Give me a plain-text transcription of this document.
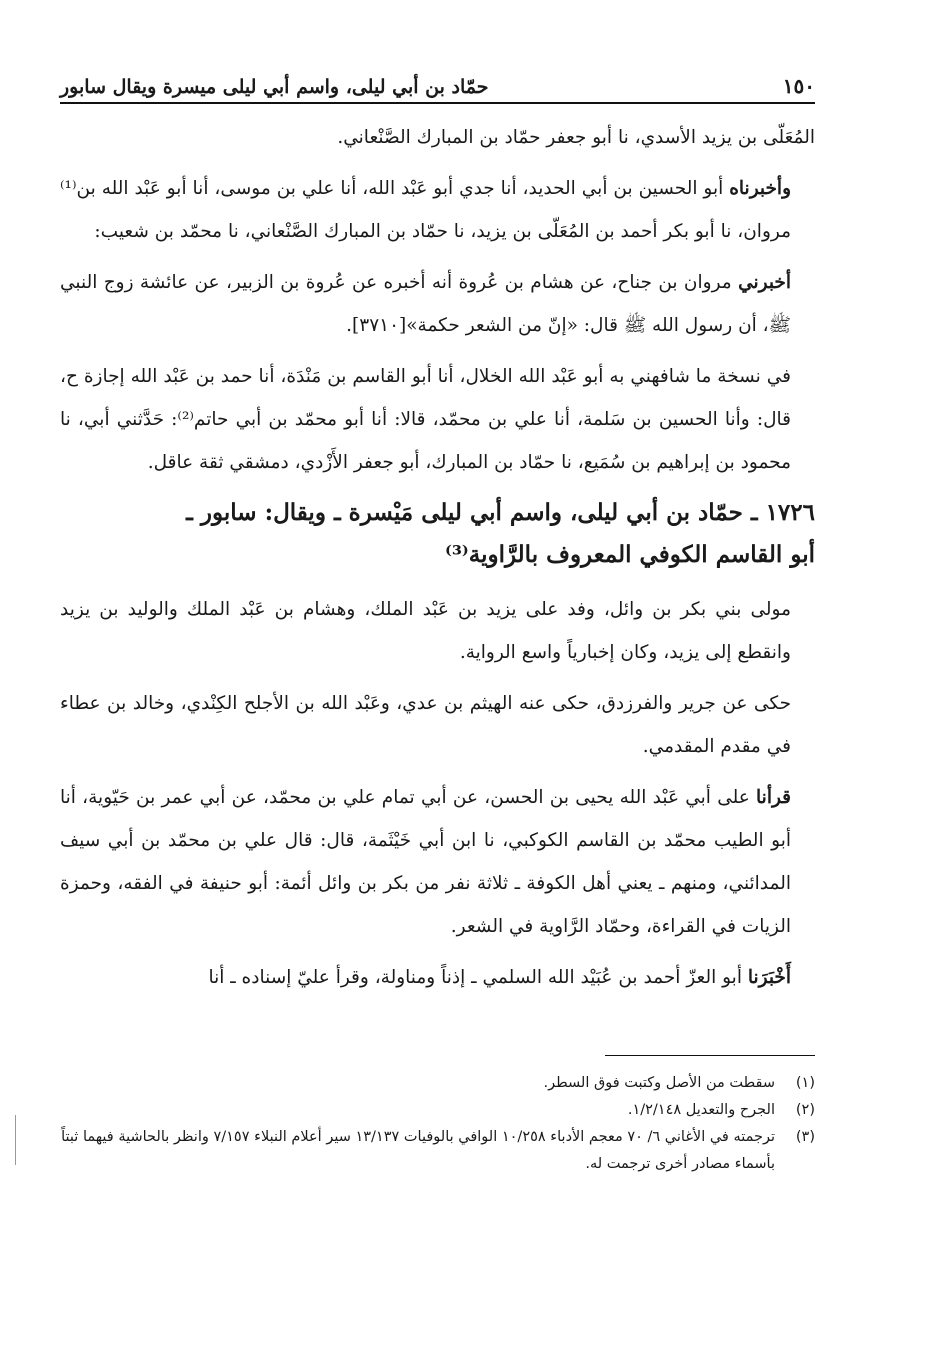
١٥٠
حمّاد بن أبي ليلى، واسم أبي ليلى ميسرة ويقال سابور

المُعَلّى بن يزيد الأسدي، نا أبو جعفر حمّاد بن المبارك الصَّنْعاني.

وأخبرناه أبو الحسين بن أبي الحديد، أنا جدي أبو عَبْد الله، أنا علي بن موسى، أنا أبو عَبْد الله بن⁽¹⁾ مروان، نا أبو بكر أحمد بن المُعَلّى بن يزيد، نا حمّاد بن المبارك الصَّنْعاني، نا محمّد بن شعيب:

أخبرني مروان بن جناح، عن هشام بن عُروة أنه أخبره عن عُروة بن الزبير، عن عائشة زوج النبي ﷺ، أن رسول الله ﷺ قال: «إنّ من الشعر حكمة»[٣٧١٠].

في نسخة ما شافهني به أبو عَبْد الله الخلال، أنا أبو القاسم بن مَنْدَة، أنا حمد بن عَبْد الله إجازة ح، قال: وأنا الحسين بن سَلمة، أنا علي بن محمّد، قالا: أنا أبو محمّد بن أبي حاتم⁽²⁾: حَدَّثني أبي، نا محمود بن إبراهيم بن سُمَيع، نا حمّاد بن المبارك، أبو جعفر الأَزْدي، دمشقي ثقة عاقل.

١٧٢٦ ـ حمّاد بن أبي ليلى، واسم أبي ليلى مَيْسرة ـ ويقال: سابور ـ
أبو القاسم الكوفي المعروف بالرَّاوية⁽³⁾

مولى بني بكر بن وائل، وفد على يزيد بن عَبْد الملك، وهشام بن عَبْد الملك والوليد بن يزيد وانقطع إلى يزيد، وكان إخبارياً واسع الرواية.

حكى عن جرير والفرزدق، حكى عنه الهيثم بن عدي، وعَبْد الله بن الأجلح الكِنْدي، وخالد بن عطاء في مقدم المقدمي.

قرأنا على أبي عَبْد الله يحيى بن الحسن، عن أبي تمام علي بن محمّد، عن أبي عمر بن حَيّوية، أنا أبو الطيب محمّد بن القاسم الكوكبي، نا ابن أبي خَيْثَمة، قال: قال علي بن محمّد بن أبي سيف المدائني، ومنهم ـ يعني أهل الكوفة ـ ثلاثة نفر من بكر بن وائل أئمة: أبو حنيفة في الفقه، وحمزة الزيات في القراءة، وحمّاد الرَّاوية في الشعر.

أَخْبَرَنا أبو العزّ أحمد بن عُبَيْد الله السلمي ـ إذناً ومناولة، وقرأ عليّ إسناده ـ أنا

(١)
سقطت من الأصل وكتبت فوق السطر.
(٢)
الجرح والتعديل ١/٢/١٤٨.
(٣)
ترجمته في الأغاني ٦/ ٧٠ معجم الأدباء ١٠/٢٥٨ الوافي بالوفيات ١٣/١٣٧ سير أعلام النبلاء ٧/١٥٧ وانظر بالحاشية فيهما ثبتاً بأسماء مصادر أخرى ترجمت له.
